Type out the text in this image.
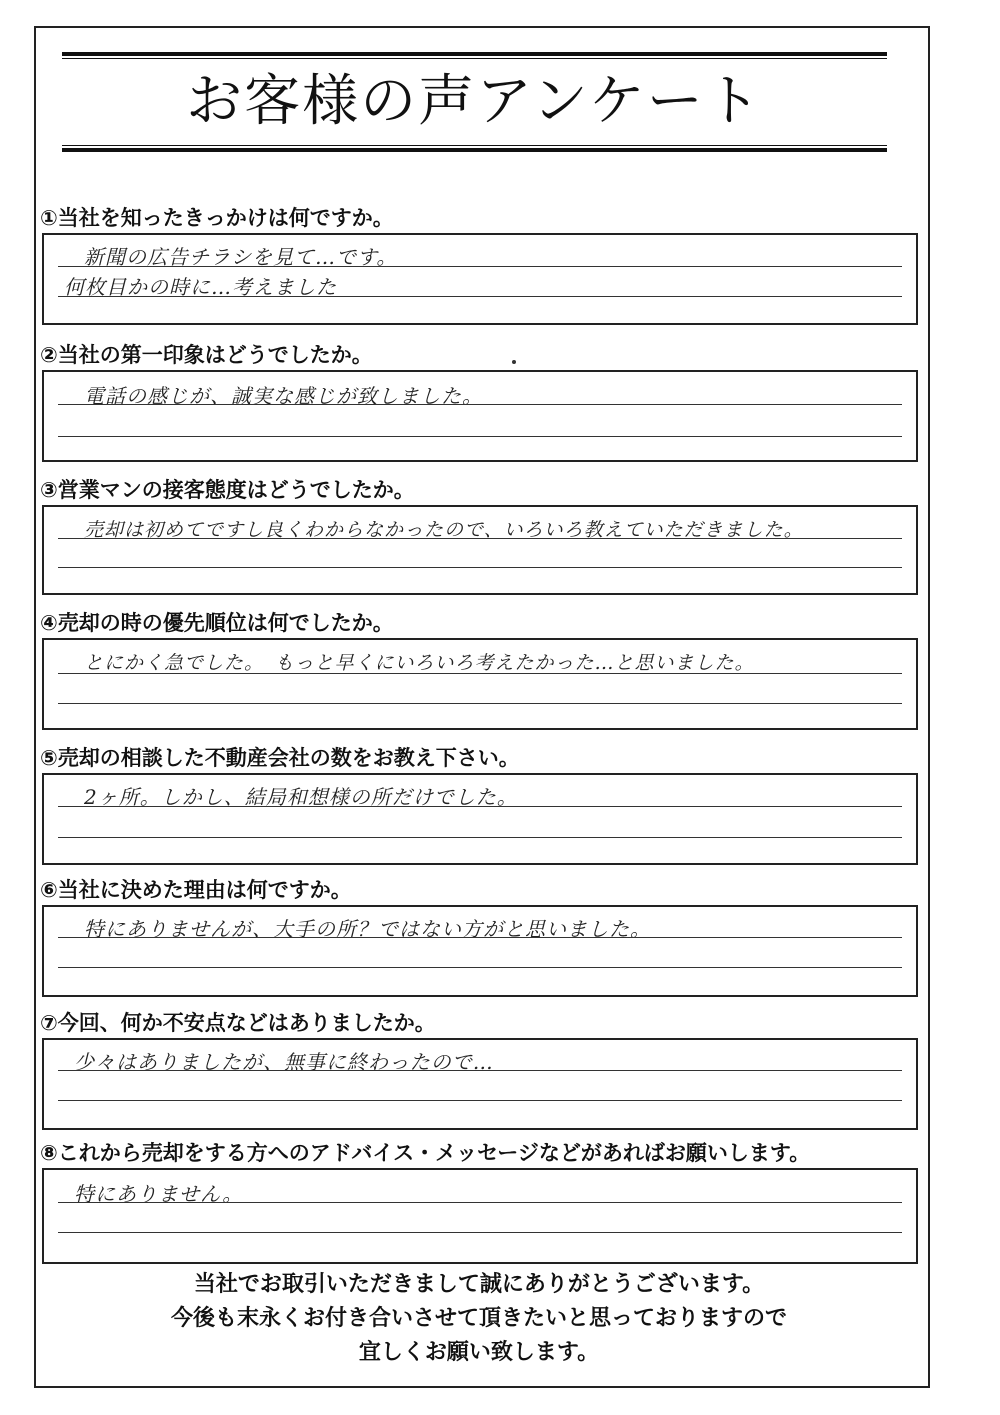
お客様の声アンケート
①当社を知ったきっかけは何ですか。
新聞の広告チラシを見て…です。
何枚目かの時に…考えました
②当社の第一印象はどうでしたか。
電話の感じが、誠実な感じが致しました。
③営業マンの接客態度はどうでしたか。
売却は初めてですし良くわからなかったので、いろいろ教えていただきました。
④売却の時の優先順位は何でしたか。
とにかく急でした。　もっと早くにいろいろ考えたかった…と思いました。
⑤売却の相談した不動産会社の数をお教え下さい。
2ヶ所。しかし、結局和想様の所だけでした。
⑥当社に決めた理由は何ですか。
特にありませんが、大手の所？ではない方がと思いました。
⑦今回、何か不安点などはありましたか。
少々はありましたが、無事に終わったので…
⑧これから売却をする方へのアドバイス・メッセージなどがあればお願いします。
特にありません。
当社でお取引いただきまして誠にありがとうございます。
今後も末永くお付き合いさせて頂きたいと思っておりますので
宜しくお願い致します。
